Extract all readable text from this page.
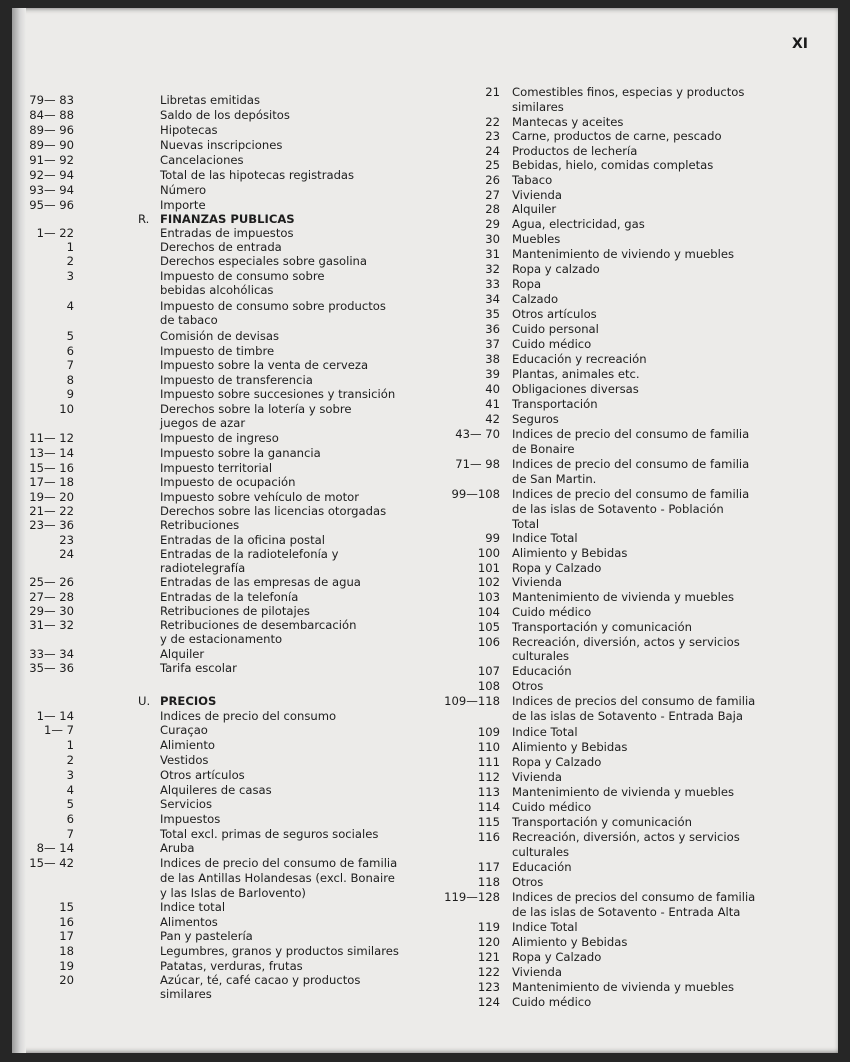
XI
79— 83	Libretas emitidas
84— 88	Saldo de los depósitos
89— 96	Hipotecas
89— 90	Nuevas inscripciones
91— 92	Cancelaciones
92— 94	Total de las hipotecas registradas
93— 94	Número
95— 96	Importe
R. FINANZAS PUBLICAS
1— 22	Entradas de impuestos
1	Derechos de entrada
2	Derechos especiales sobre gasolina
3	Impuesto de consumo sobre
bebidas alcohólicas
4	Impuesto de consumo sobre productos
de tabaco
5	Comisión de devisas
6	Impuesto de timbre
7	Impuesto sobre la venta de cerveza
8	Impuesto de transferencia
9	Impuesto sobre succesiones y transición
10	Derechos sobre la lotería y sobre
juegos de azar
11— 12	Impuesto de ingreso
13— 14	Impuesto sobre la ganancia
15— 16	Impuesto territorial
17— 18	Impuesto de ocupación
19— 20	Impuesto sobre vehículo de motor
21— 22	Derechos sobre las licencias otorgadas
23— 36	Retribuciones
23	Entradas de la oficina postal
24	Entradas de la radiotelefonía y
radiotelegrafía
25— 26	Entradas de las empresas de agua
27— 28	Entradas de la telefonía
29— 30	Retribuciones de pilotajes
31— 32	Retribuciones de desembarcación
y de estacionamento
33— 34	Alquiler
35— 36	Tarifa escolar
U. PRECIOS
1— 14	Indices de precio del consumo
1— 7	Curaçao
1	Alimiento
2	Vestidos
3	Otros artículos
4	Alquileres de casas
5	Servicios
6	Impuestos
7	Total excl. primas de seguros sociales
8— 14	Aruba
15— 42	Indices de precio del consumo de familia
de las Antillas Holandesas (excl. Bonaire
y las Islas de Barlovento)
15	Indice total
16	Alimentos
17	Pan y pastelería
18	Legumbres, granos y productos similares
19	Patatas, verduras, frutas
20	Azúcar, té, café cacao y productos
similares
21 Comestibles finos, especias y productos
similares
22 Mantecas y aceites
23 Carne, productos de carne, pescado
24 Productos de lechería
25 Bebidas, hielo, comidas completas
26 Tabaco
27 Vivienda
28 Alquiler
29 Agua, electricidad, gas
30 Muebles
31 Mantenimiento de viviendo y muebles
32 Ropa y calzado
33 Ropa
34 Calzado
35 Otros artículos
36 Cuido personal
37 Cuido médico
38 Educación y recreación
39 Plantas, animales etc.
40 Obligaciones diversas
41 Transportación
42 Seguros
43— 70 Indices de precio del consumo de familia
de Bonaire
71— 98 Indices de precio del consumo de familia
de San Martin.
99—108 Indices de precio del consumo de familia
de las islas de Sotavento - Población
Total
99 Indice Total
100 Alimiento y Bebidas
101 Ropa y Calzado
102 Vivienda
103 Mantenimiento de vivienda y muebles
104 Cuido médico
105 Transportación y comunicación
106 Recreación, diversión, actos y servicios
culturales
107 Educación
108 Otros
109—118 Indices de precios del consumo de familia
de las islas de Sotavento - Entrada Baja
109 Indice Total
110 Alimiento y Bebidas
111 Ropa y Calzado
112 Vivienda
113 Mantenimiento de vivienda y muebles
114 Cuido médico
115 Transportación y comunicación
116 Recreación, diversión, actos y servicios
culturales
117 Educación
118 Otros
119—128 Indices de precios del consumo de familia
de las islas de Sotavento - Entrada Alta
119 Indice Total
120 Alimiento y Bebidas
121 Ropa y Calzado
122 Vivienda
123 Mantenimiento de vivienda y muebles
124 Cuido médico
